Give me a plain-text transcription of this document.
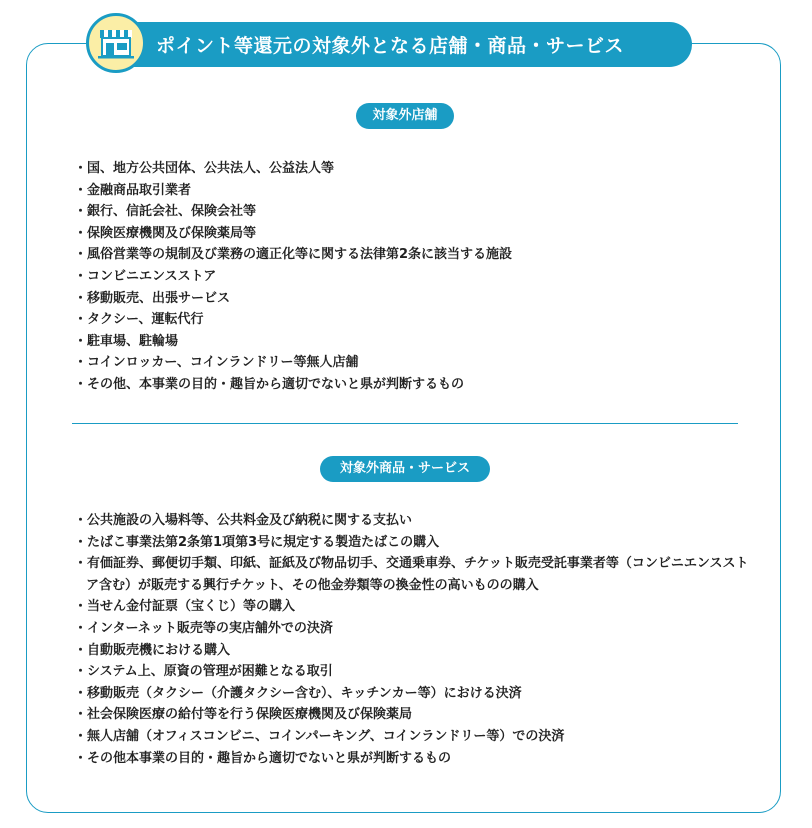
ポイント等還元の対象外となる店舗・商品・サービス
対象外店舗
・国、地方公共団体、公共法人、公益法人等
・金融商品取引業者
・銀行、信託会社、保険会社等
・保険医療機関及び保険薬局等
・風俗営業等の規制及び業務の適正化等に関する法律第2条に該当する施設
・コンビニエンスストア
・移動販売、出張サービス
・タクシー、運転代行
・駐車場、駐輪場
・コインロッカー、コインランドリー等無人店舗
・その他、本事業の目的・趣旨から適切でないと県が判断するもの
対象外商品・サービス
・公共施設の入場料等、公共料金及び納税に関する支払い
・たばこ事業法第2条第1項第3号に規定する製造たばこの購入
・有価証券、郵便切手類、印紙、証紙及び物品切手、交通乗車券、チケット販売受託事業者等（コンビニエンスストア含む）が販売する興行チケット、その他金券類等の換金性の高いものの購入
・当せん金付証票（宝くじ）等の購入
・インターネット販売等の実店舗外での決済
・自動販売機における購入
・システム上、原資の管理が困難となる取引
・移動販売（タクシー（介護タクシー含む）、キッチンカー等）における決済
・社会保険医療の給付等を行う保険医療機関及び保険薬局
・無人店舗（オフィスコンビニ、コインパーキング、コインランドリー等）での決済
・その他本事業の目的・趣旨から適切でないと県が判断するもの
